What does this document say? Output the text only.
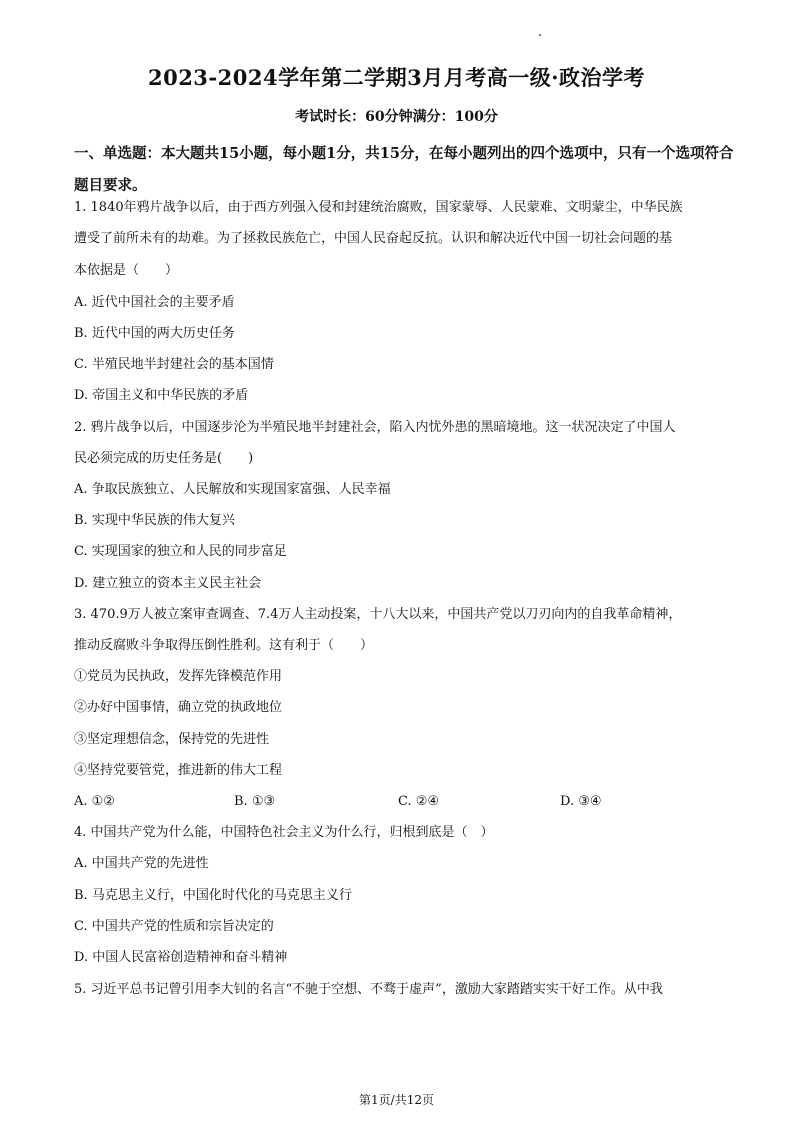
2023-2024学年第二学期3月月考高一级·政治学考
考试时长：60分钟满分：100分
一、单选题：本大题共15小题，每小题1分，共15分，在每小题列出的四个选项中，只有一个选项符合题目要求。
1. 1840年鸦片战争以后，由于西方列强入侵和封建统治腐败，国家蒙辱、人民蒙难、文明蒙尘，中华民族
遭受了前所未有的劫难。为了拯救民族危亡，中国人民奋起反抗。认识和解决近代中国一切社会问题的基
本依据是（　　）
A. 近代中国社会的主要矛盾
B. 近代中国的两大历史任务
C. 半殖民地半封建社会的基本国情
D. 帝国主义和中华民族的矛盾
2. 鸦片战争以后，中国逐步沦为半殖民地半封建社会，陷入内忧外患的黑暗境地。这一状况决定了中国人
民必须完成的历史任务是(　　)
A. 争取民族独立、人民解放和实现国家富强、人民幸福
B. 实现中华民族的伟大复兴
C. 实现国家的独立和人民的同步富足
D. 建立独立的资本主义民主社会
3. 470.9万人被立案审查调查、7.4万人主动投案，十八大以来，中国共产党以刀刃向内的自我革命精神，
推动反腐败斗争取得压倒性胜利。这有利于（　　）
①党员为民执政，发挥先锋模范作用
②办好中国事情，确立党的执政地位
③坚定理想信念，保持党的先进性
④坚持党要管党，推进新的伟大工程
A. ①②	B. ①③	C. ②④	D. ③④
4. 中国共产党为什么能，中国特色社会主义为什么行，归根到底是（　）
A. 中国共产党的先进性
B. 马克思主义行，中国化时代化的马克思主义行
C. 中国共产党的性质和宗旨决定的
D. 中国人民富裕创造精神和奋斗精神
5. 习近平总书记曾引用李大钊的名言“不驰于空想、不骛于虚声”，激励大家踏踏实实干好工作。从中我
第1页/共12页
